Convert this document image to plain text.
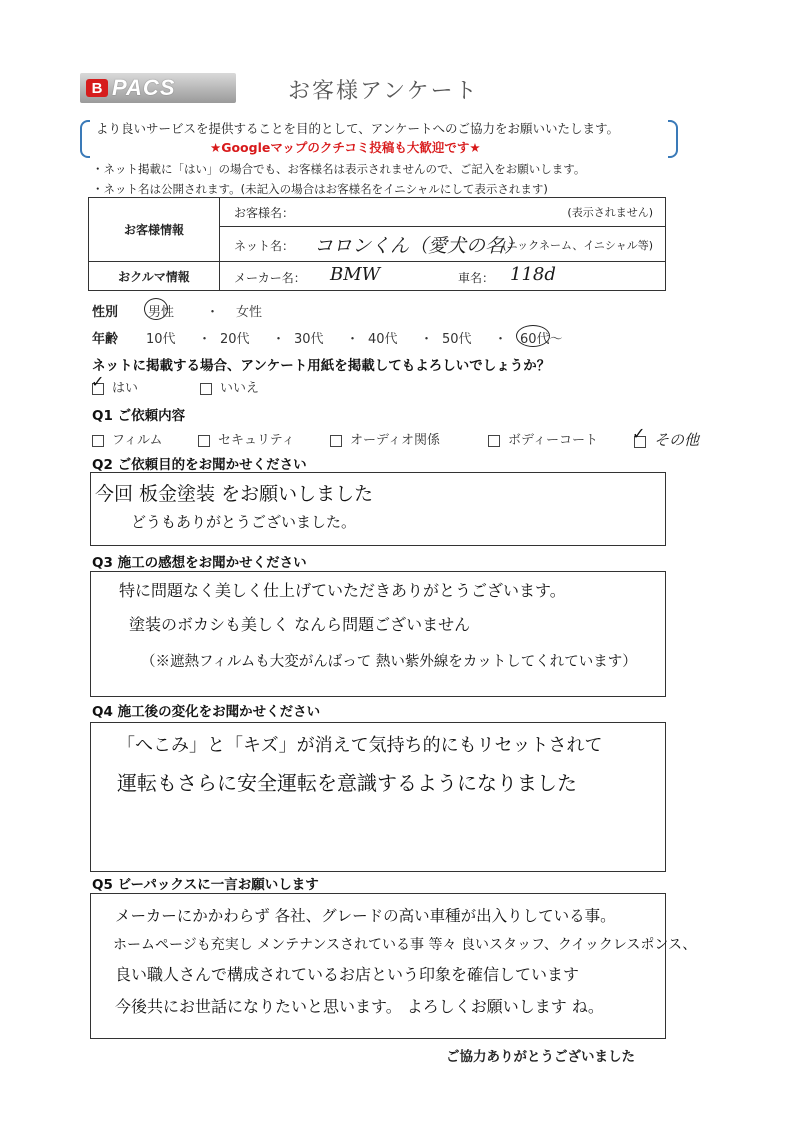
B PACS	お客様アンケート
より良いサービスを提供することを目的として、アンケートへのご協力をお願いいたします。
★Googleマップのクチコミ投稿も大歓迎です★
・ネット掲載に「はい」の場合でも、お客様名は表示されませんので、ご記入をお願いします。
・ネット名は公開されます。(未記入の場合はお客様名をイニシャルにして表示されます)
お客様情報	お客様名： (表示されません)

	ネット名： コロンくん（愛犬の名）
(ニックネーム、イニシャル等)

おクルマ情報	メーカー名： BMW 車名： 118d
性別 男性 ・ 女性
年齢 10代 ・ 20代 ・ 30代 ・ 40代 ・ 50代 ・ 60代～
ネットに掲載する場合、アンケート用紙を掲載してもよろしいでしょうか？
はい
✓	いいえ
Q1 ご依頼内容
フィルム	セキュリティ	オーディオ関係	ボディーコート	その他
✓
Q2 ご依頼目的をお聞かせください
今回 板金塗装 をお願いしました
どうもありがとうございました。
Q3 施工の感想をお聞かせください
特に問題なく美しく仕上げていただきありがとうございます。
塗装のボカシも美しく なんら問題ございません
（※遮熱フィルムも大変がんばって 熱い紫外線をカットしてくれています）
Q4 施工後の変化をお聞かせください
「へこみ」と「キズ」が消えて気持ち的にもリセットされて
運転もさらに安全運転を意識するようになりました
Q5 ビーパックスに一言お願いします
メーカーにかかわらず 各社、グレードの高い車種が出入りしている事。
ホームページも充実し メンテナンスされている事 等々 良いスタッフ、クイックレスポンス、
良い職人さんで構成されているお店という印象を確信しています
今後共にお世話になりたいと思います。 よろしくお願いします ね。
ご協力ありがとうございました
